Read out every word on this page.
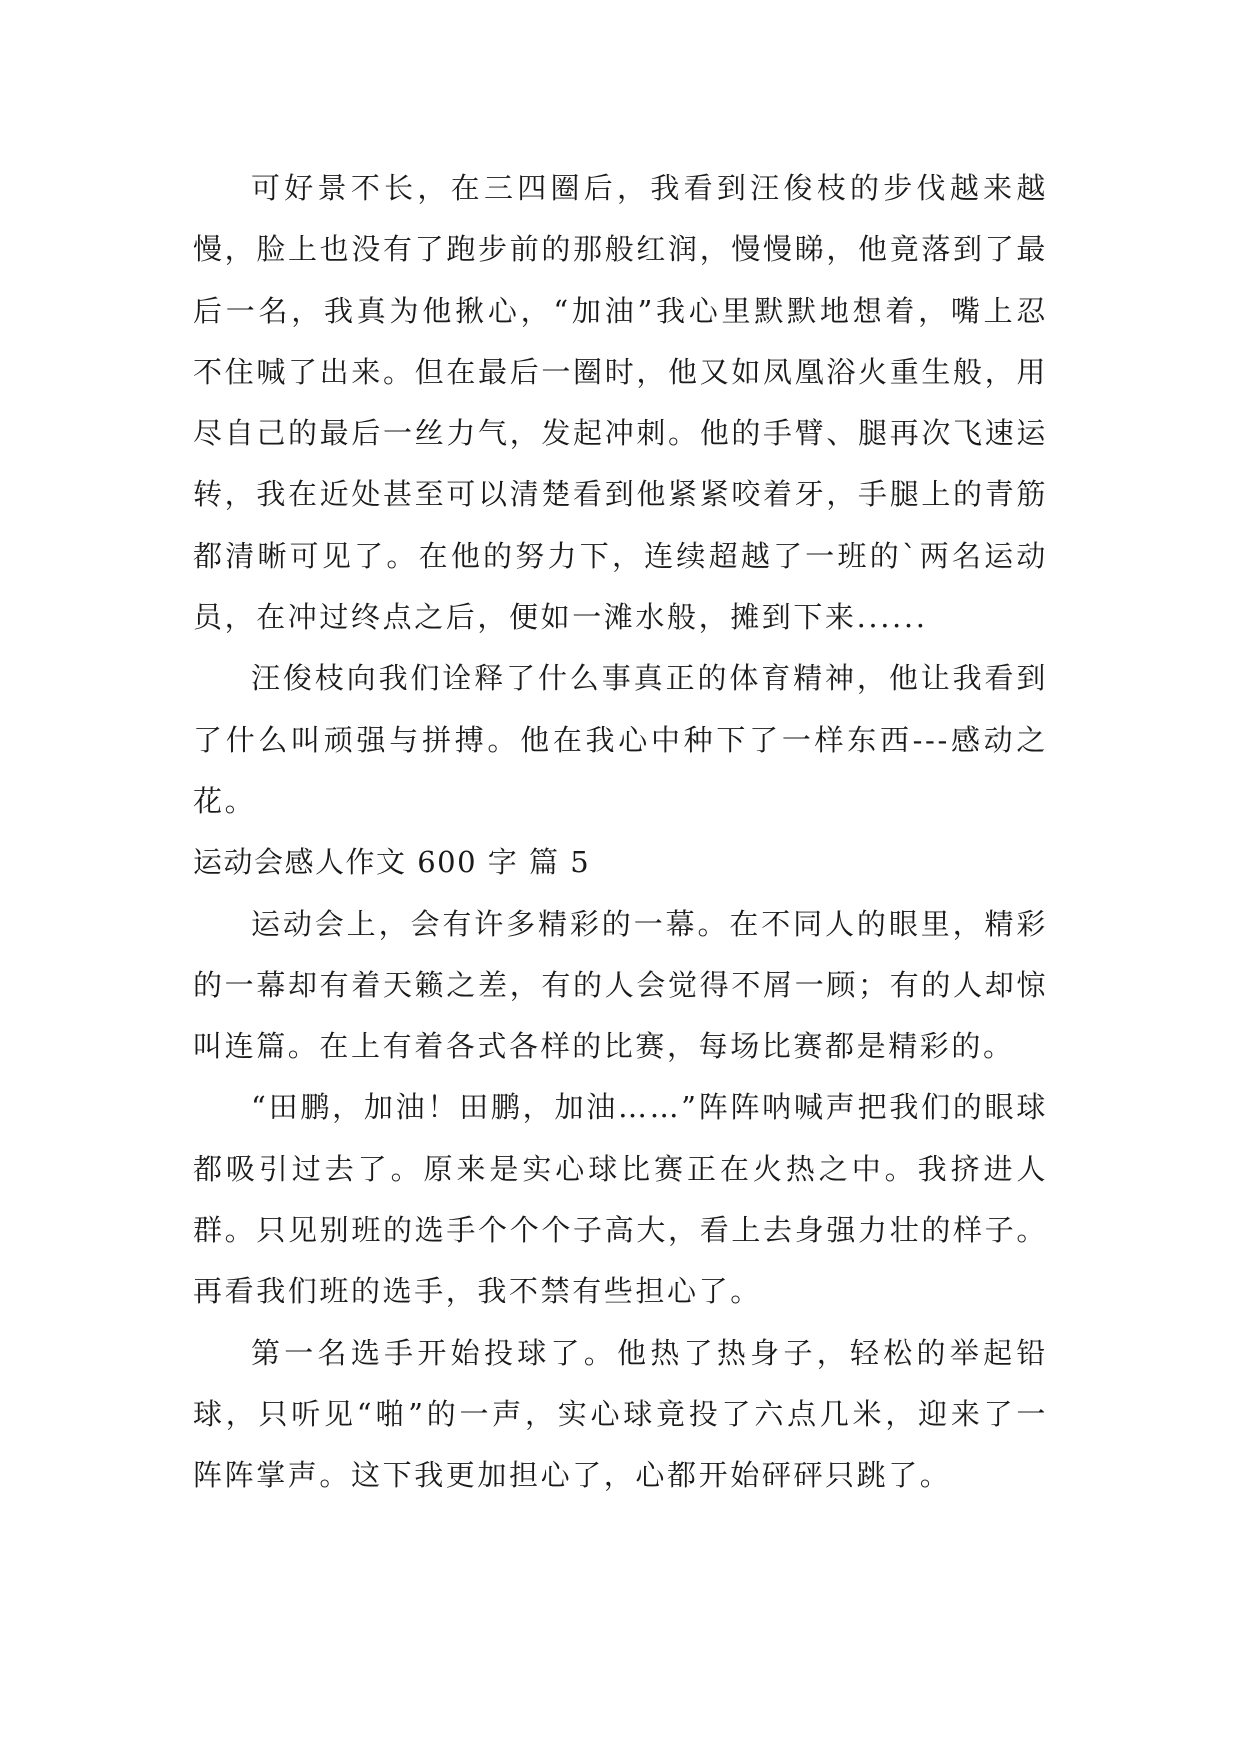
可好景不长，在三四圈后，我看到汪俊枝的步伐越来越慢，脸上也没有了跑步前的那般红润，慢慢睇，他竟落到了最后一名，我真为他揪心，“加油”我心里默默地想着，嘴上忍不住喊了出来。但在最后一圈时，他又如凤凰浴火重生般，用尽自己的最后一丝力气，发起冲刺。他的手臂、腿再次飞速运转，我在近处甚至可以清楚看到他紧紧咬着牙，手腿上的青筋都清晰可见了。在他的努力下，连续超越了一班的`两名运动员，在冲过终点之后，便如一滩水般，摊到下来......

汪俊枝向我们诠释了什么事真正的体育精神，他让我看到了什么叫顽强与拼搏。他在我心中种下了一样东西---感动之花。

运动会感人作文 600 字 篇 5

运动会上，会有许多精彩的一幕。在不同人的眼里，精彩的一幕却有着天籁之差，有的人会觉得不屑一顾；有的人却惊叫连篇。在上有着各式各样的比赛，每场比赛都是精彩的。

“田鹏，加油！田鹏，加油……”阵阵呐喊声把我们的眼球都吸引过去了。原来是实心球比赛正在火热之中。我挤进人群。只见别班的选手个个个子高大，看上去身强力壮的样子。再看我们班的选手，我不禁有些担心了。

第一名选手开始投球了。他热了热身子，轻松的举起铅球，只听见“啪”的一声，实心球竟投了六点几米，迎来了一阵阵掌声。这下我更加担心了，心都开始砰砰只跳了。
